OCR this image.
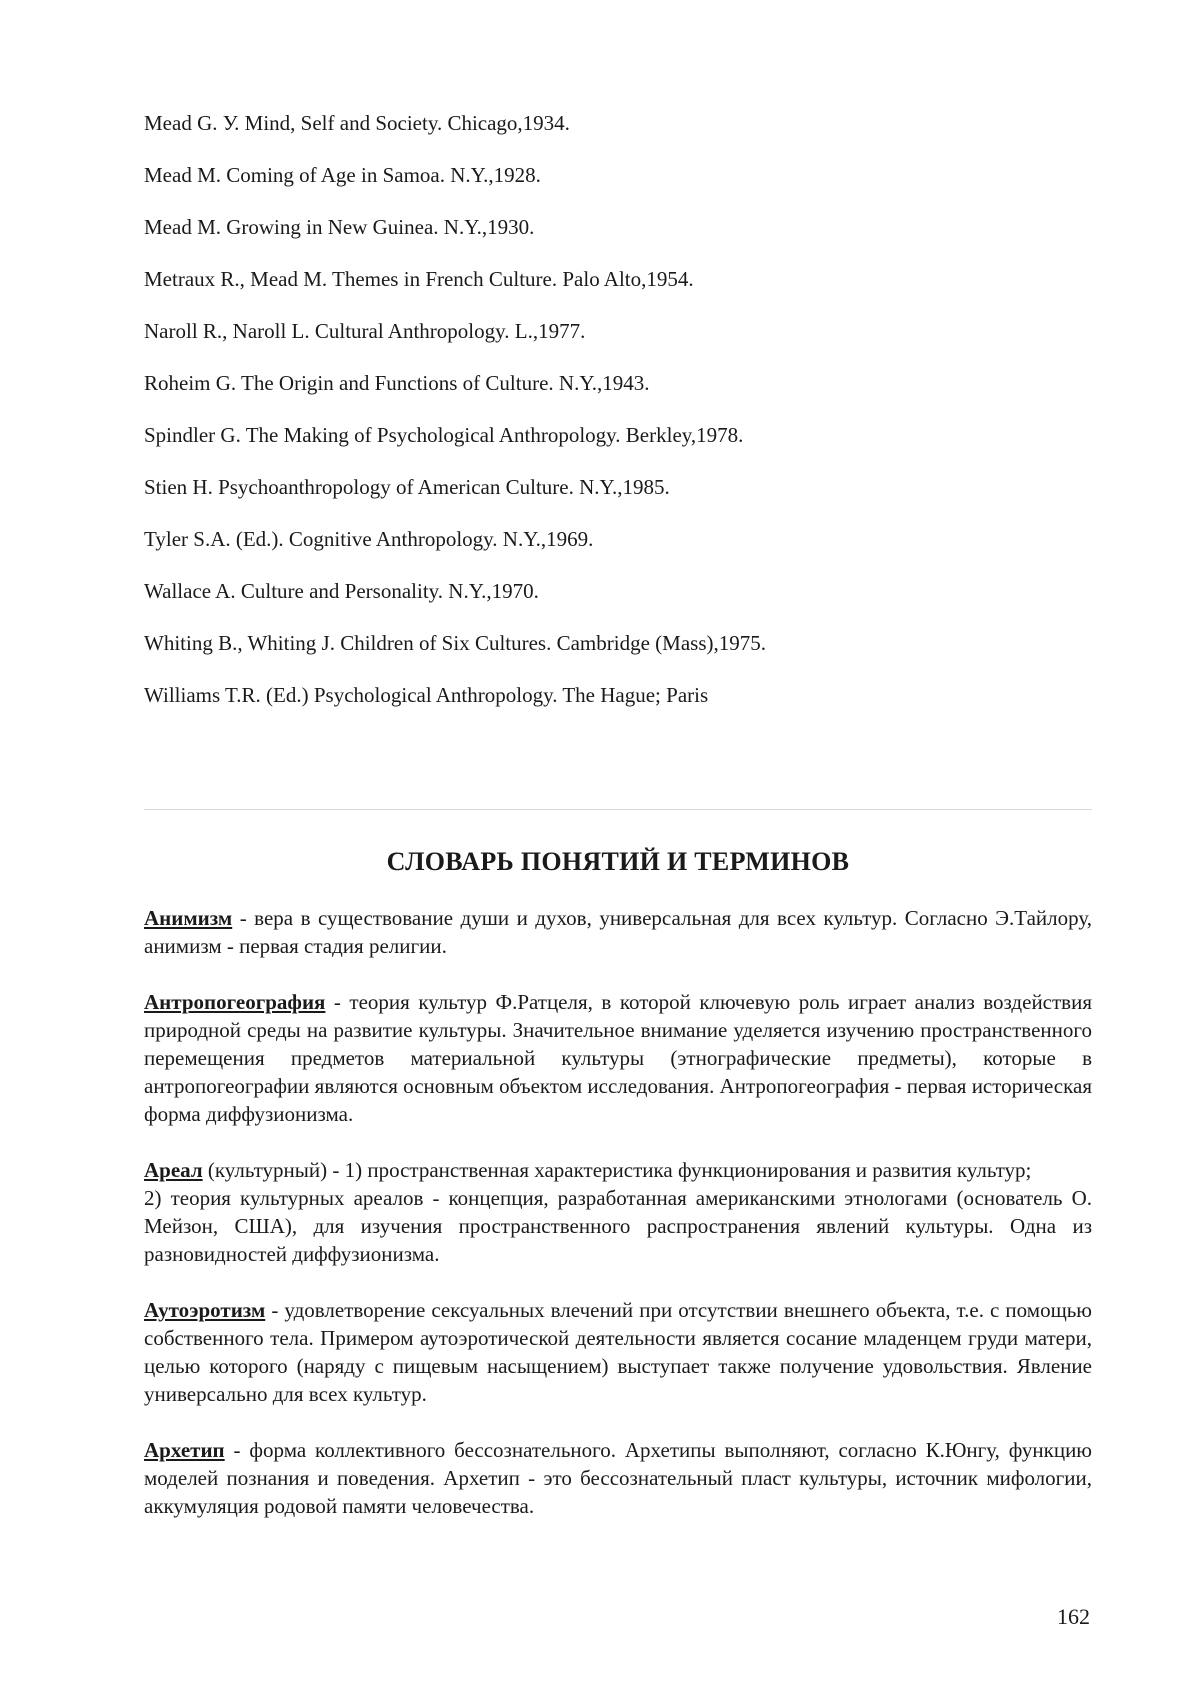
Mead G. У. Mind, Self and Society. Chicago,1934.
Mead M. Coming of Age in Samoa. N.Y.,1928.
Mead M. Growing in New Guinea. N.Y.,1930.
Metraux R., Mead M. Themes in French Culture. Palo Alto,1954.
Naroll R., Naroll L. Cultural Anthropology. L.,1977.
Roheim G. The Origin and Functions of Culture. N.Y.,1943.
Spindler G. The Making of Psychological Anthropology. Berkley,1978.
Stien H. Psychoanthropology of American Culture. N.Y.,1985.
Tyler S.A. (Ed.). Cognitive Anthropology. N.Y.,1969.
Wallace A. Culture and Personality. N.Y.,1970.
Whiting B., Whiting J. Children of Six Cultures. Cambridge (Mass),1975.
Williams T.R. (Ed.) Psychological Anthropology. The Hague; Paris
СЛОВАРЬ ПОНЯТИЙ И ТЕРМИНОВ
Анимизм - вера в существование души и духов, универсальная для всех культур. Согласно Э.Тайлору, анимизм - первая стадия религии.
Антропогеография - теория культур Ф.Ратцеля, в которой ключевую роль играет анализ воздействия природной среды на развитие культуры. Значительное внимание уделяется изучению пространственного перемещения предметов материальной культуры (этнографические предметы), которые в антропогеографии являются основным объектом исследования. Антропогеография - первая историческая форма диффузионизма.
Ареал (культурный) - 1) пространственная характеристика функционирования и развития культур;
2) теория культурных ареалов - концепция, разработанная американскими этнологами (основатель О. Мейзон, США), для изучения пространственного распространения явлений культуры. Одна из разновидностей диффузионизма.
Аутоэротизм - удовлетворение сексуальных влечений при отсутствии внешнего объекта, т.е. с помощью собственного тела. Примером аутоэротической деятельности является сосание младенцем груди матери, целью которого (наряду с пищевым насыщением) выступает также получение удовольствия. Явление универсально для всех культур.
Архетип - форма коллективного бессознательного. Архетипы выполняют, согласно К.Юнгу, функцию моделей познания и поведения. Архетип - это бессознательный пласт культуры, источник мифологии, аккумуляция родовой памяти человечества.
162
